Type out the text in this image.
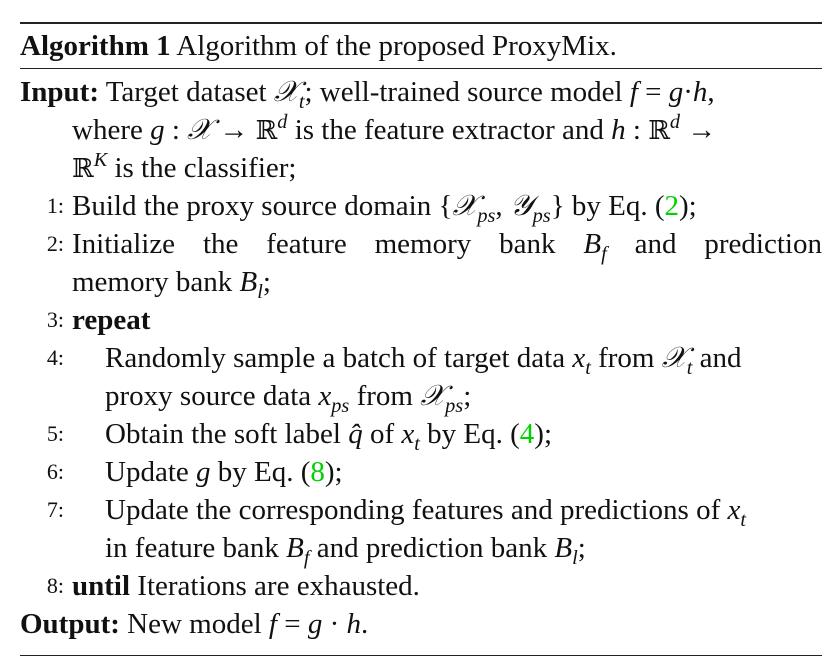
Algorithm 1 Algorithm of the proposed ProxyMix.
Input: Target dataset 𝒳$_t$; well-trained source model f = g·h,
where g : 𝒳 → ℝ$^d$ is the feature extractor and h : ℝ$^d$ →
ℝ$^K$ is the classifier;
1: Build the proxy source domain {𝒳$_{ps}$, 𝒴$_{ps}$} by Eq. (2);
2: Initialize the feature memory bank $B_f$ and prediction
memory bank $B_l$;
3: repeat
4: Randomly sample a batch of target data $x_t$ from 𝒳$_t$ and
proxy source data $x_{ps}$ from 𝒳$_{ps}$;
5: Obtain the soft label q̂ of $x_t$ by Eq. (4);
6: Update g by Eq. (8);
7: Update the corresponding features and predictions of $x_t$
in feature bank $B_f$ and prediction bank $B_l$;
8: until Iterations are exhausted.
Output: New model f = g · h.
